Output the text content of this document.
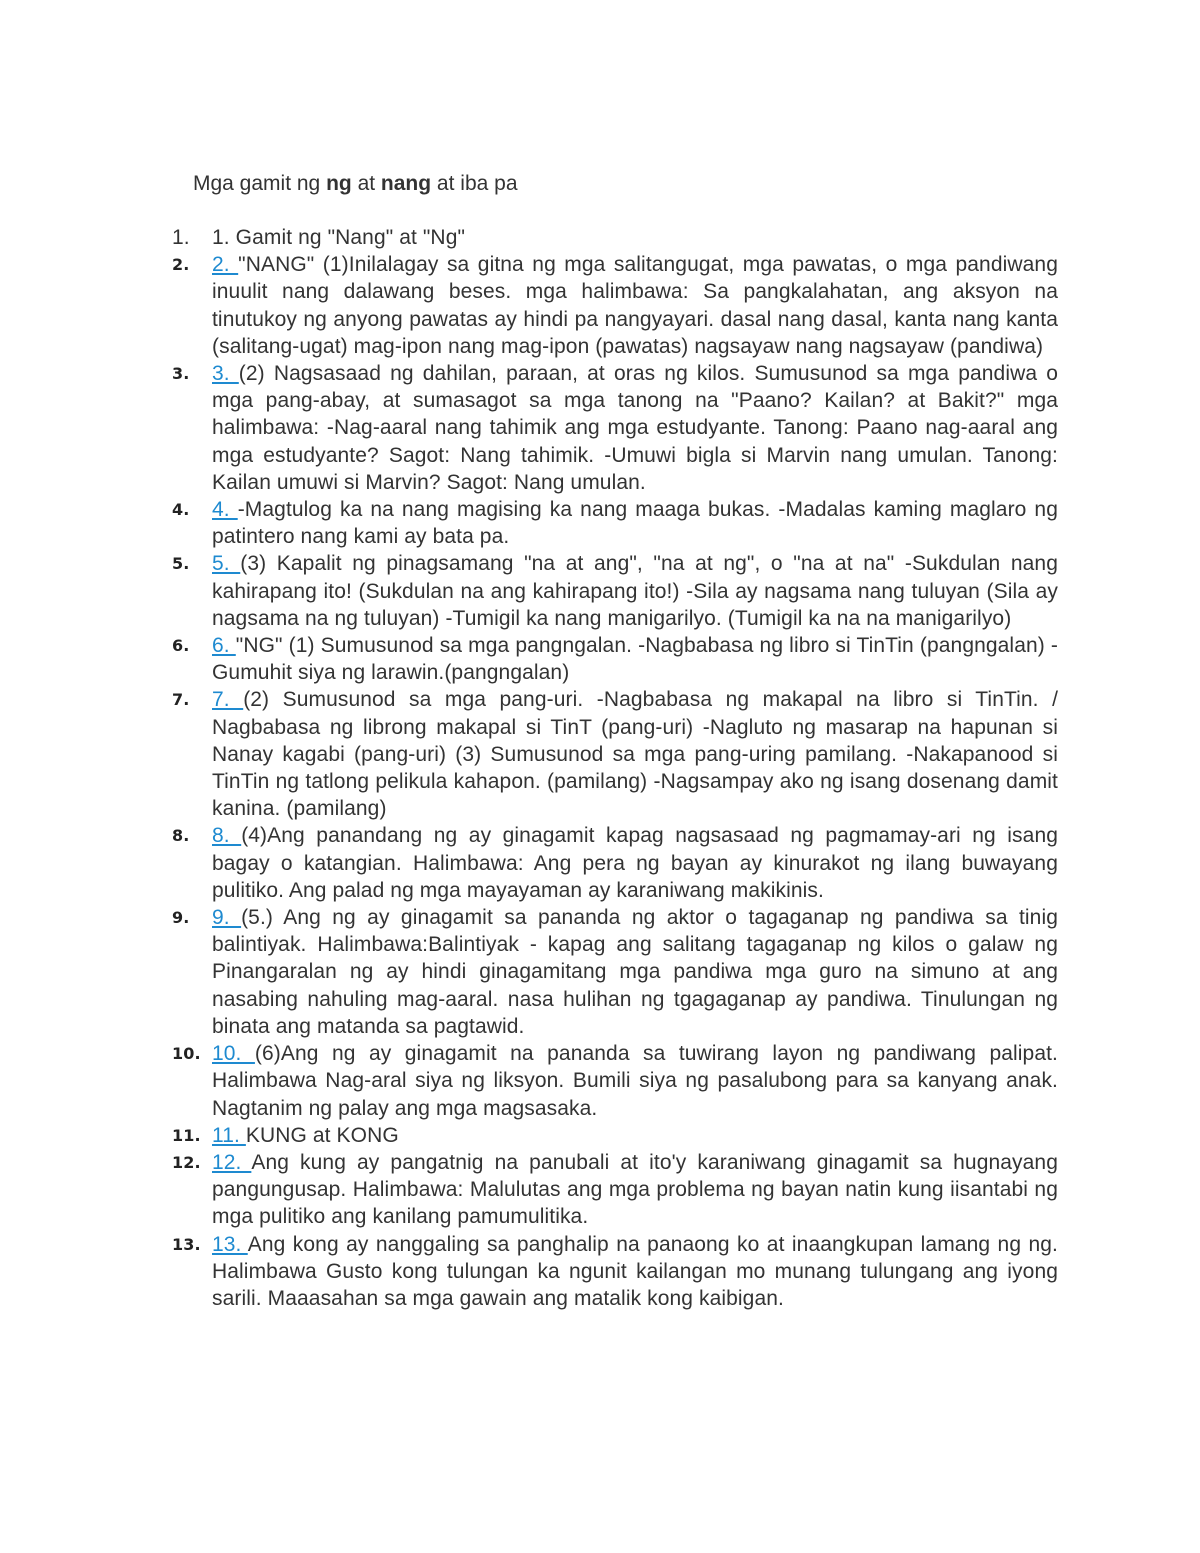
Mga gamit ng ng at nang at iba pa
1. 1. Gamit ng "Nang" at "Ng"
2. 2. "NANG" (1)Inilalagay sa gitna ng mga salitangugat, mga pawatas, o mga pandiwang inuulit nang dalawang beses. mga halimbawa: Sa pangkalahatan, ang aksyon na tinutukoy ng anyong pawatas ay hindi pa nangyayari. dasal nang dasal, kanta nang kanta (salitang-ugat) mag-ipon nang mag-ipon (pawatas) nagsayaw nang nagsayaw (pandiwa)
3. 3. (2) Nagsasaad ng dahilan, paraan, at oras ng kilos. Sumusunod sa mga pandiwa o mga pang-abay, at sumasagot sa mga tanong na "Paano? Kailan? at Bakit?" mga halimbawa: -Nag-aaral nang tahimik ang mga estudyante. Tanong: Paano nag-aaral ang mga estudyante? Sagot: Nang tahimik. -Umuwi bigla si Marvin nang umulan. Tanong: Kailan umuwi si Marvin? Sagot: Nang umulan.
4. 4. -Magtulog ka na nang magising ka nang maaga bukas. -Madalas kaming maglaro ng patintero nang kami ay bata pa.
5. 5. (3) Kapalit ng pinagsamang "na at ang", "na at ng", o "na at na" -Sukdulan nang kahirapang ito! (Sukdulan na ang kahirapang ito!) -Sila ay nagsama nang tuluyan (Sila ay nagsama na ng tuluyan) -Tumigil ka nang manigarilyo. (Tumigil ka na na manigarilyo)
6. 6. "NG" (1) Sumusunod sa mga pangngalan. -Nagbabasa ng libro si TinTin (pangngalan) -Gumuhit siya ng larawin.(pangngalan)
7. 7. (2) Sumusunod sa mga pang-uri. -Nagbabasa ng makapal na libro si TinTin. / Nagbabasa ng librong makapal si TinT (pang-uri) -Nagluto ng masarap na hapunan si Nanay kagabi (pang-uri) (3) Sumusunod sa mga pang-uring pamilang. -Nakapanood si TinTin ng tatlong pelikula kahapon. (pamilang) -Nagsampay ako ng isang dosenang damit kanina. (pamilang)
8. 8. (4)Ang panandang ng ay ginagamit kapag nagsasaad ng pagmamay-ari ng isang bagay o katangian. Halimbawa: Ang pera ng bayan ay kinurakot ng ilang buwayang pulitiko. Ang palad ng mga mayayaman ay karaniwang makikinis.
9. 9. (5.) Ang ng ay ginagamit sa pananda ng aktor o tagaganap ng pandiwa sa tinig balintiyak. Halimbawa:Balintiyak - kapag ang salitang tagaganap ng kilos o galaw ng Pinangaralan ng ay hindi ginagamitang mga pandiwa mga guro na simuno at ang nasabing nahuling mag-aaral. nasa hulihan ng tgagaganap ay pandiwa. Tinulungan ng binata ang matanda sa pagtawid.
10. 10. (6)Ang ng ay ginagamit na pananda sa tuwirang layon ng pandiwang palipat. Halimbawa Nag-aral siya ng liksyon. Bumili siya ng pasalubong para sa kanyang anak. Nagtanim ng palay ang mga magsasaka.
11. 11. KUNG at KONG
12. 12. Ang kung ay pangatnig na panubali at ito'y karaniwang ginagamit sa hugnayang pangungusap. Halimbawa: Malulutas ang mga problema ng bayan natin kung iisantabi ng mga pulitiko ang kanilang pamumulitika.
13. 13. Ang kong ay nanggaling sa panghalip na panaong ko at inaangkupan lamang ng ng. Halimbawa Gusto kong tulungan ka ngunit kailangan mo munang tulungang ang iyong sarili. Maaasahan sa mga gawain ang matalik kong kaibigan.
